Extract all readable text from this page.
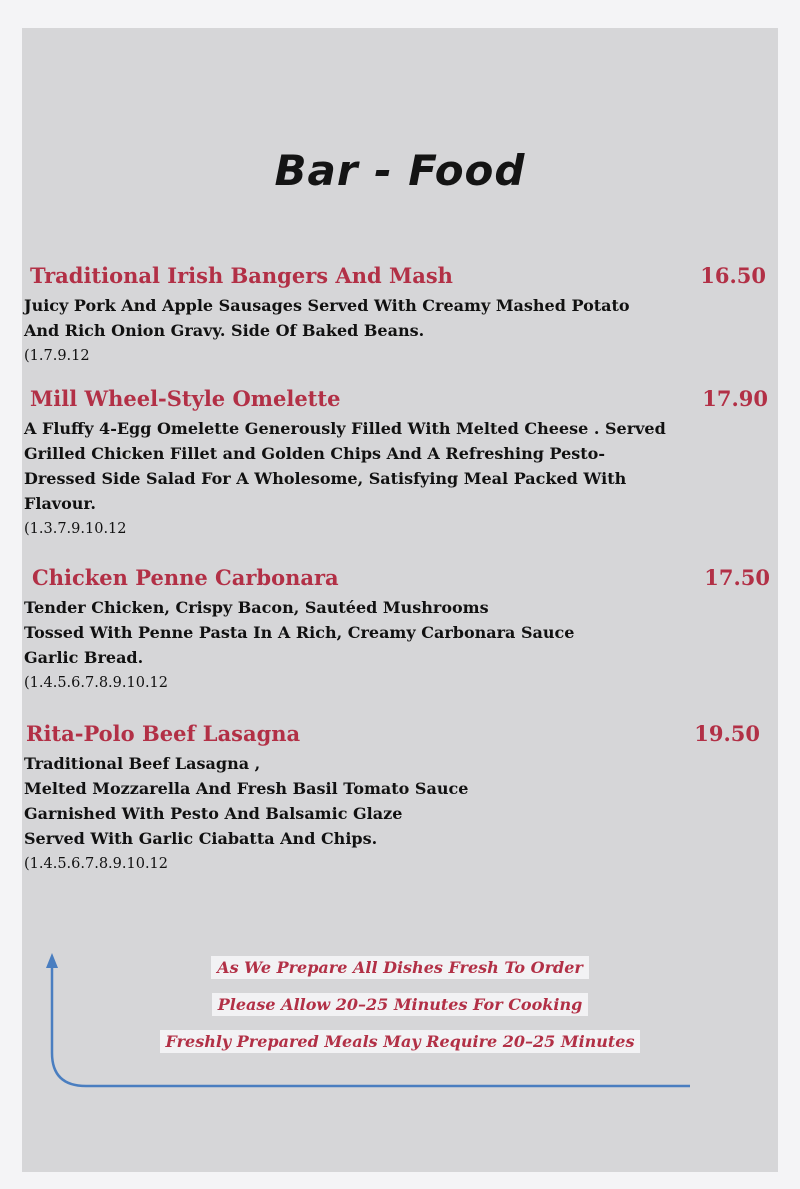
Bar - Food
Traditional Irish Bangers And Mash	16.50
Juicy Pork And Apple Sausages Served With Creamy Mashed Potato
And Rich Onion Gravy. Side Of Baked Beans.
(1.7.9.12
Mill Wheel-Style Omelette	17.90
A Fluffy 4-Egg Omelette Generously Filled With Melted Cheese . Served
Grilled Chicken Fillet and Golden Chips And A Refreshing Pesto-
Dressed Side Salad For A Wholesome, Satisfying Meal Packed With
Flavour.
(1.3.7.9.10.12
Chicken Penne Carbonara	17.50
Tender Chicken, Crispy Bacon, Sautéed Mushrooms
Tossed With Penne Pasta In A Rich, Creamy Carbonara Sauce
Garlic Bread.
(1.4.5.6.7.8.9.10.12
Rita-Polo Beef Lasagna	19.50
Traditional Beef Lasagna ,
Melted Mozzarella And Fresh Basil Tomato Sauce
Garnished With Pesto And Balsamic Glaze
Served With Garlic Ciabatta And Chips.
(1.4.5.6.7.8.9.10.12
As We Prepare All Dishes Fresh To Order
Please Allow 20–25 Minutes For Cooking
Freshly Prepared Meals May Require 20–25 Minutes
